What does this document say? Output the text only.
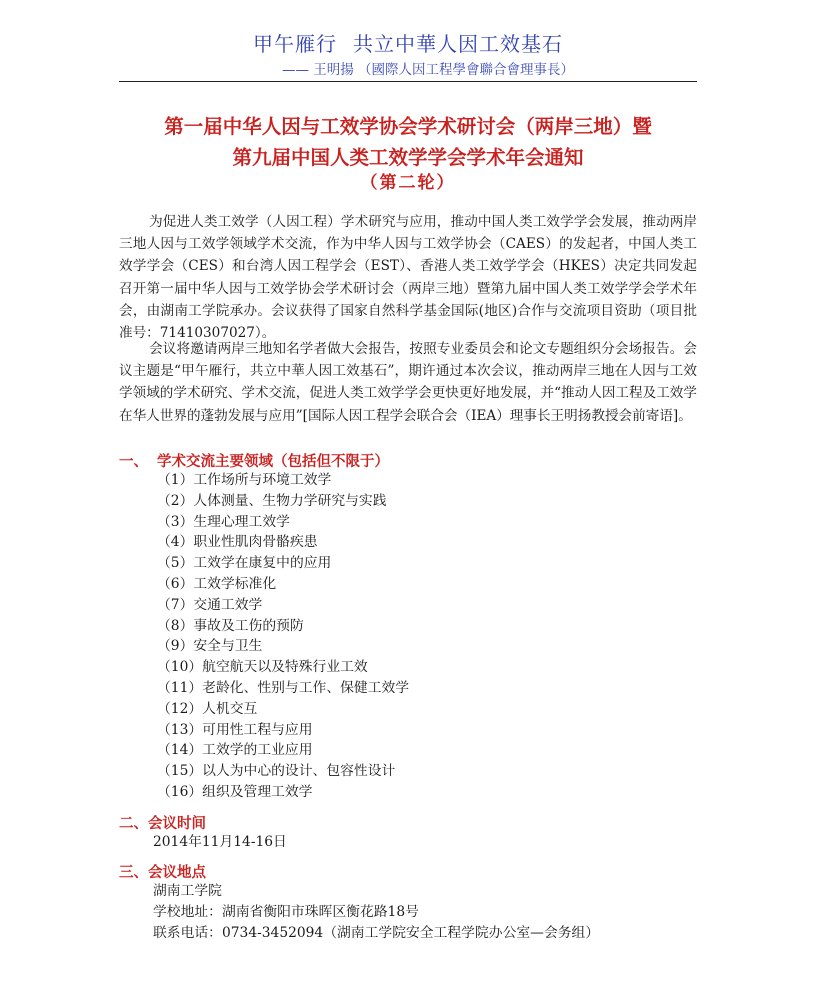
甲午雁行 共立中華人因工效基石
—— 王明揚 （國際人因工程學會聯合會理事長）
第一届中华人因与工效学协会学术研讨会（两岸三地）暨
第九届中国人类工效学学会学术年会通知
（第二轮）

为促进人类工效学（人因工程）学术研究与应用，推动中国人类工效学学会发展，推动两岸三地人因与工效学领域学术交流，作为中华人因与工效学协会（CAES）的发起者，中国人类工效学学会（CES）和台湾人因工程学会（EST）、香港人类工效学学会（HKES）决定共同发起召开第一届中华人因与工效学协会学术研讨会（两岸三地）暨第九届中国人类工效学学会学术年会，由湖南工学院承办。会议获得了国家自然科学基金国际(地区)合作与交流项目资助（项目批准号：71410307027）。

会议将邀请两岸三地知名学者做大会报告，按照专业委员会和论文专题组织分会场报告。会议主题是“甲午雁行，共立中華人因工效基石”，期许通过本次会议，推动两岸三地在人因与工效学领域的学术研究、学术交流，促进人类工效学学会更快更好地发展，并“推动人因工程及工效学在华人世界的蓬勃发展与应用”[国际人因工程学会联合会（IEA）理事长王明扬教授会前寄语]。

一、 学术交流主要领域（包括但不限于）
（1）工作场所与环境工效学
（2）人体测量、生物力学研究与实践
（3）生理心理工效学
（4）职业性肌肉骨骼疾患
（5）工效学在康复中的应用
（6）工效学标准化
（7）交通工效学
（8）事故及工伤的预防
（9）安全与卫生
（10）航空航天以及特殊行业工效
（11）老龄化、性别与工作、保健工效学
（12）人机交互
（13）可用性工程与应用
（14）工效学的工业应用
（15）以人为中心的设计、包容性设计
（16）组织及管理工效学
二、会议时间
2014年11月14-16日
三、会议地点
湖南工学院
学校地址：湖南省衡阳市珠晖区衡花路18号
联系电话：0734-3452094（湖南工学院安全工程学院办公室—会务组）
